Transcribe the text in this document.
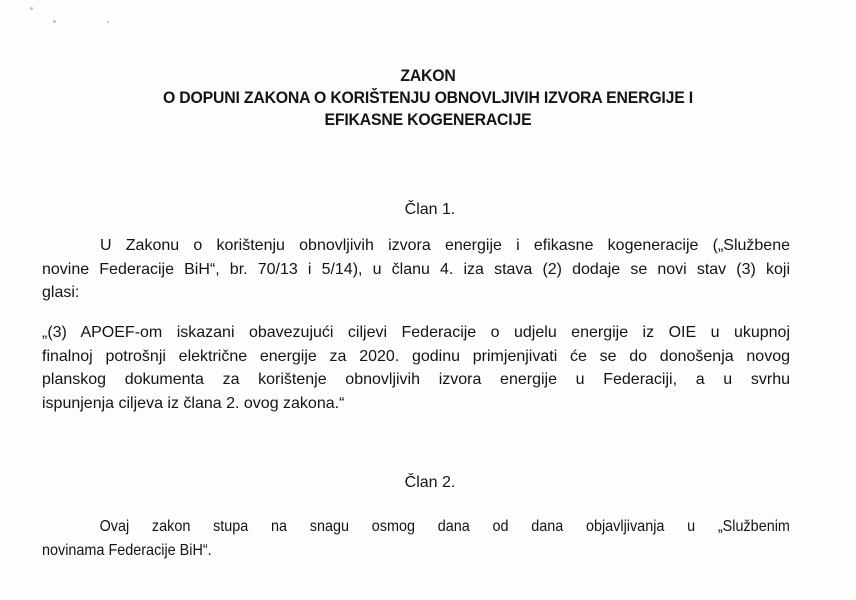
ZAKON
O DOPUNI ZAKONA O KORIŠTENJU OBNOVLJIVIH IZVORA ENERGIJE I
EFIKASNE KOGENERACIJE
Član 1.
U Zakonu o korištenju obnovljivih izvora energije i efikasne kogeneracije („Službene
novine Federacije BiH“, br. 70/13 i 5/14), u članu 4. iza stava (2) dodaje se novi stav (3) koji
glasi:
„(3) APOEF-om iskazani obavezujući ciljevi Federacije o udjelu energije iz OIE u ukupnoj
finalnoj potrošnji električne energije za 2020. godinu primjenjivati će se do donošenja novog
planskog dokumenta za korištenje obnovljivih izvora energije u Federaciji, a u svrhu
ispunjenja ciljeva iz člana 2. ovog zakona.“
Član 2.
Ovaj zakon stupa na snagu osmog dana od dana objavljivanja u „Službenim
novinama Federacije BiH“.
